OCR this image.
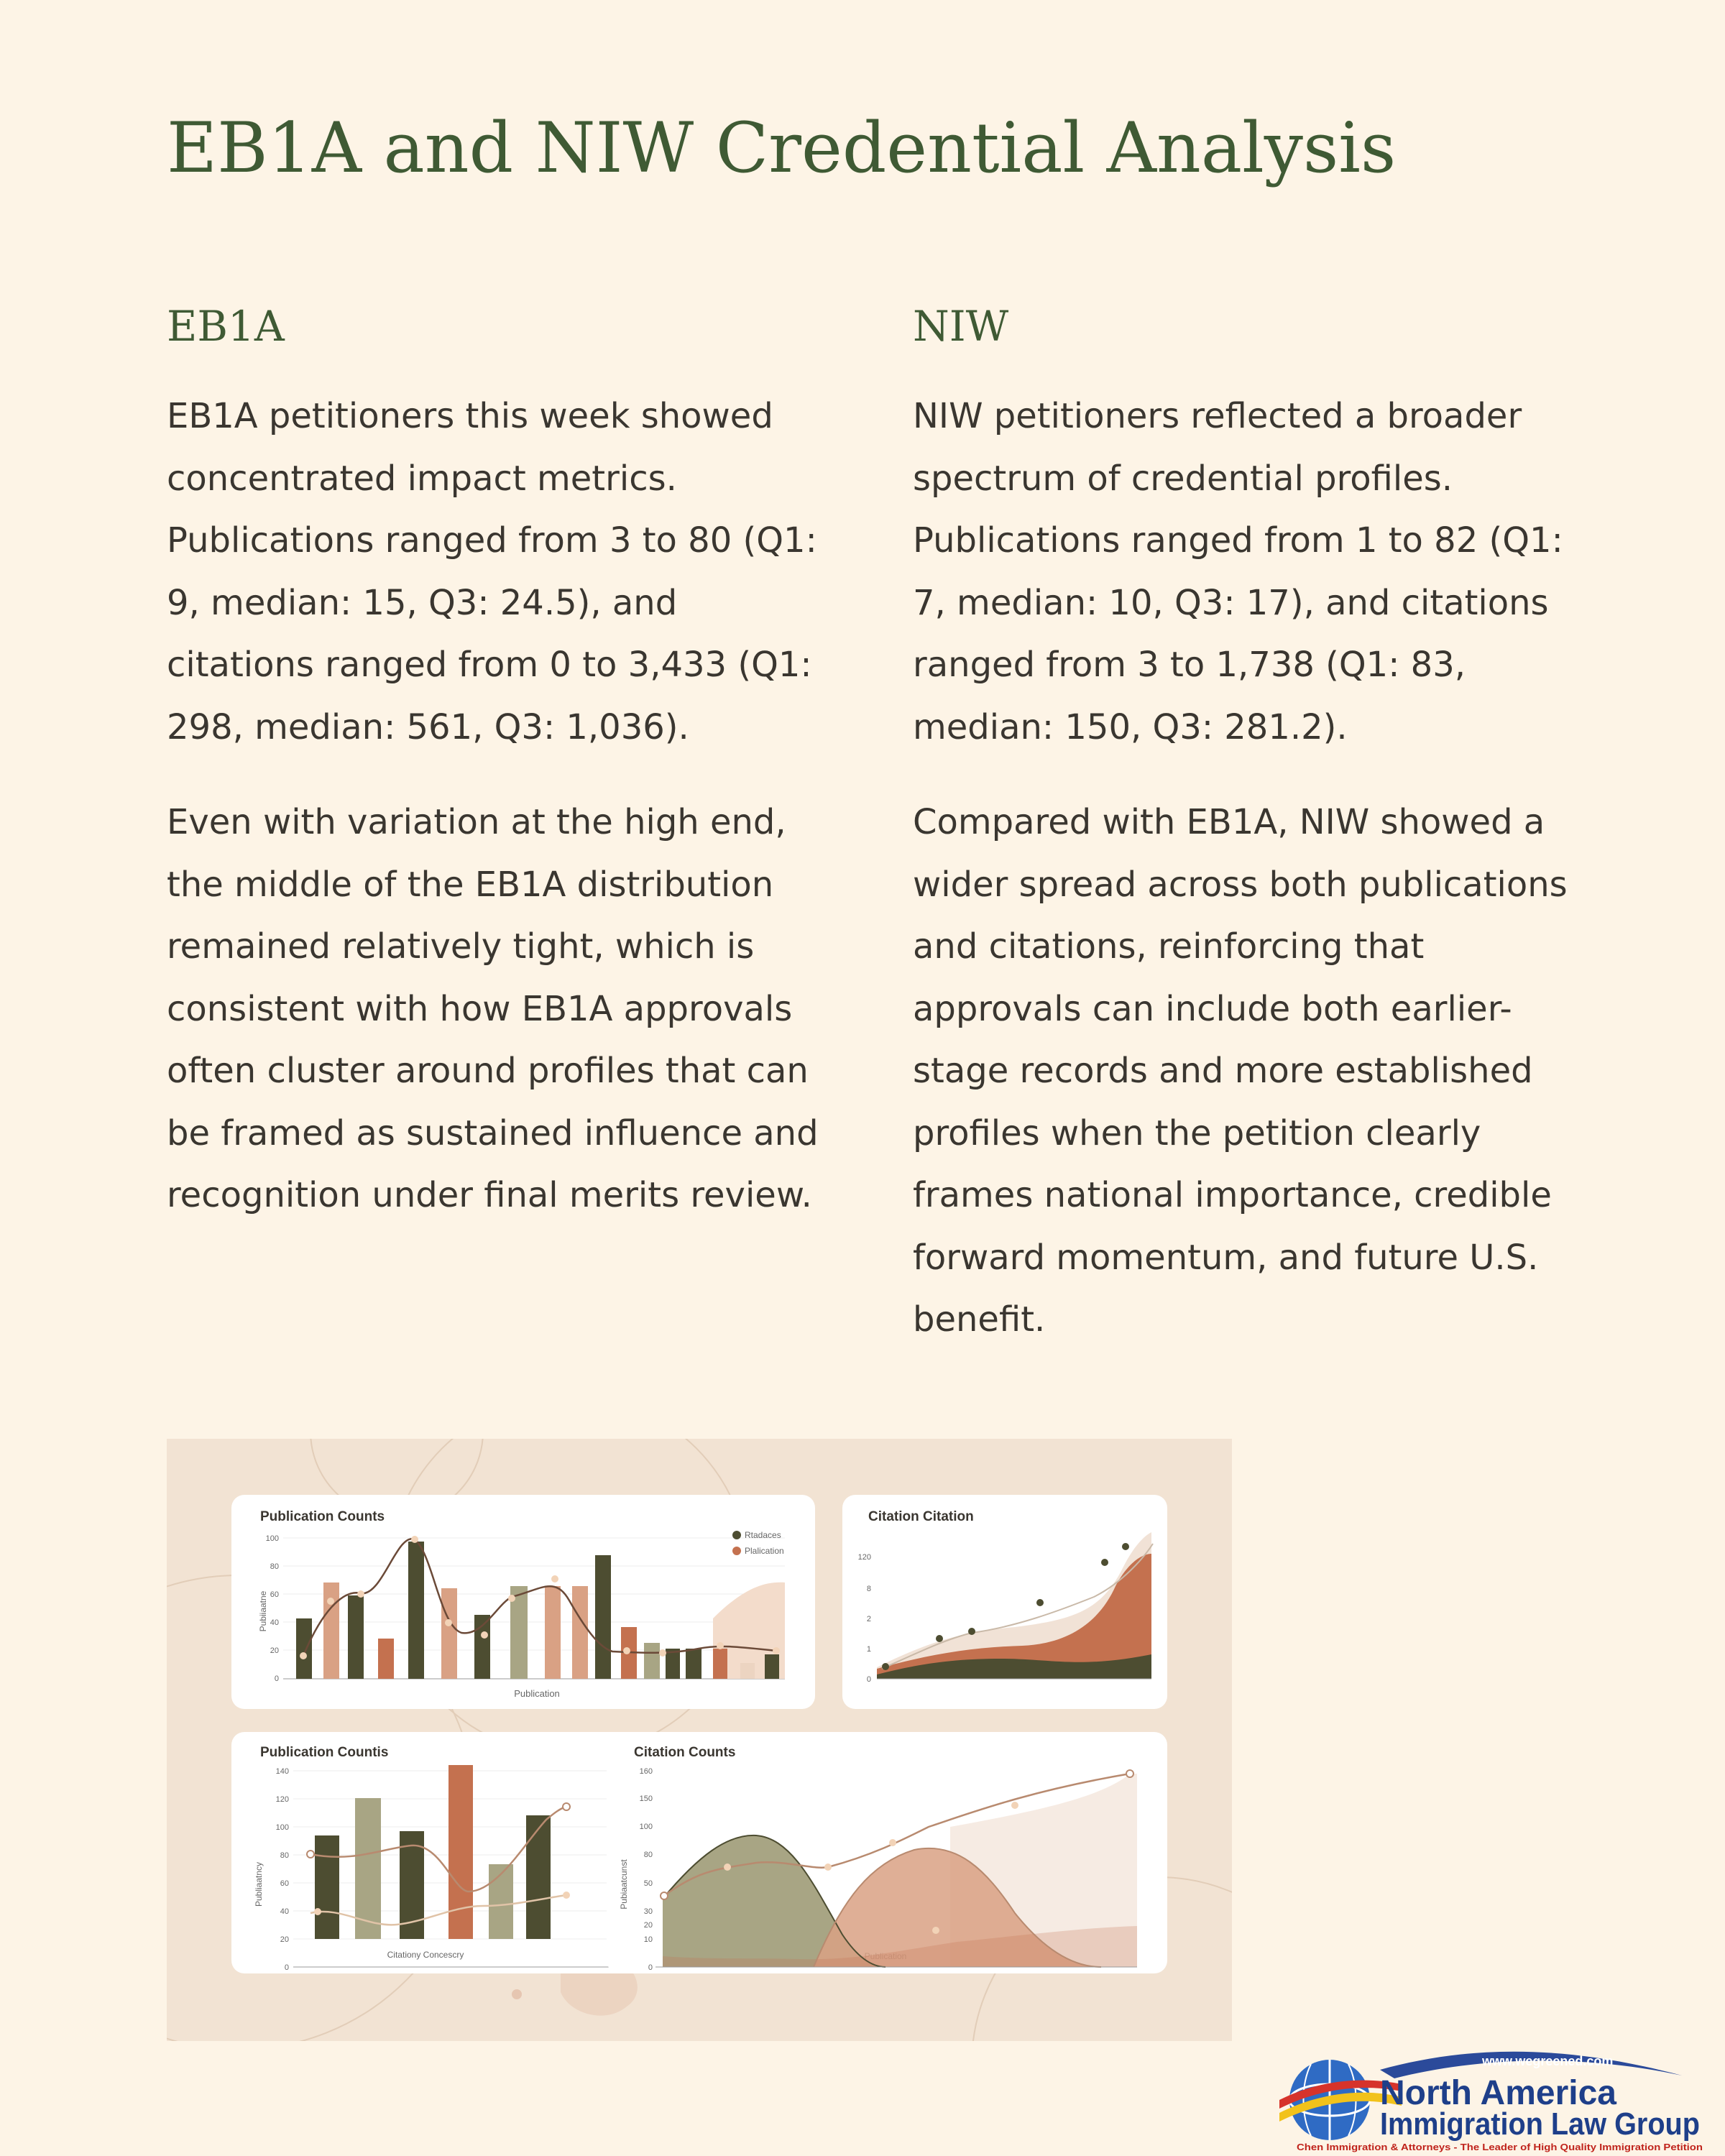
EB1A and NIW Credential Analysis
EB1A

EB1A petitioners this week showed concentrated impact metrics. Publications ranged from 3 to 80 (Q1: 9, median: 15, Q3: 24.5), and citations ranged from 0 to 3,433 (Q1: 298, median: 561, Q3: 1,036).

Even with variation at the high end, the middle of the EB1A distribution remained relatively tight, which is consistent with how EB1A approvals often cluster around profiles that can be framed as sustained influence and recognition under final merits review.

NIW

NIW petitioners reflected a broader spectrum of credential profiles. Publications ranged from 1 to 82 (Q1: 7, median: 10, Q3: 17), and citations ranged from 3 to 1,738 (Q1: 83, median: 150, Q3: 281.2).

Compared with EB1A, NIW showed a wider spread across both publications and citations, reinforcing that approvals can include both earlier-stage records and more established profiles when the petition clearly frames national importance, credible forward momentum, and future U.S. benefit.

Publication Counts
100
80
60
40
20
0
Pubiiaatne
Publication
Rtadaces
Plalication
Citation Citation
120
8
2
1
0
Publication Countis
140
120
100
80
60
40
20
0
Publiaatncy
Citationy Concescry
Citation Counts
160
150
100
80
50
30
20
10
0
Pubiaatcunst
www.wegreened.com
North America
Immigration Law Group
Chen Immigration & Attorneys - The Leader of High Quality Immigration Petition
